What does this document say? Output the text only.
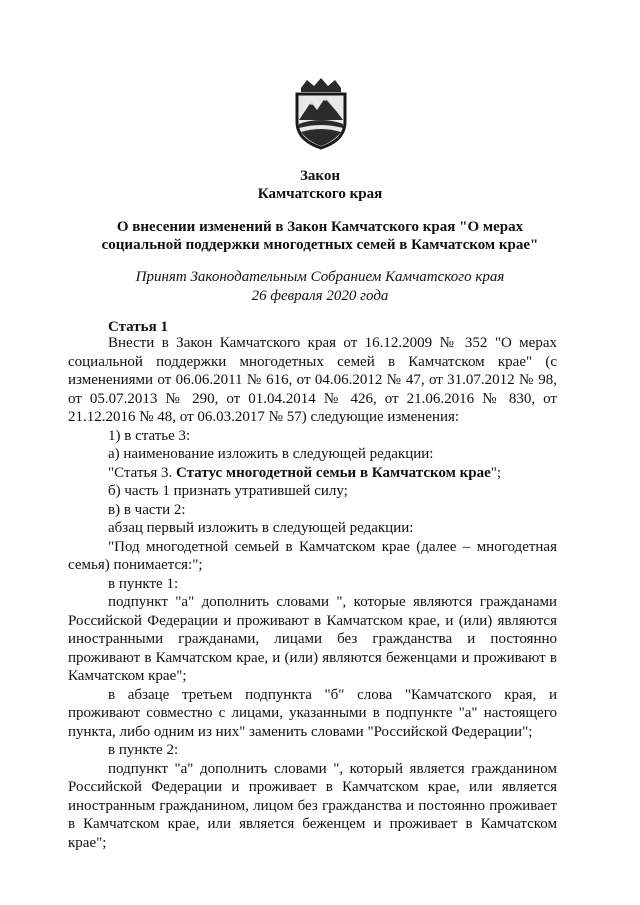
Закон
Камчатского края
О внесении изменений в Закон Камчатского края "О мерах
социальной поддержки многодетных семей в Камчатском крае"
Принят Законодательным Собранием Камчатского края
26 февраля 2020 года
Статья 1

Внести в Закон Камчатского края от 16.12.2009 № 352 "О мерах социальной поддержки многодетных семей в Камчатском крае" (с изменениями от 06.06.2011 № 616, от 04.06.2012 № 47, от 31.07.2012 № 98, от 05.07.2013 № 290, от 01.04.2014 № 426, от 21.06.2016 № 830, от 21.12.2016 № 48, от 06.03.2017 № 57) следующие изменения:

1) в статье 3:

а) наименование изложить в следующей редакции:

"Статья 3. Статус многодетной семьи в Камчатском крае";

б) часть 1 признать утратившей силу;

в) в части 2:

абзац первый изложить в следующей редакции:

"Под многодетной семьей в Камчатском крае (далее – многодетная семья) понимается:";

в пункте 1:

подпункт "а" дополнить словами ", которые являются гражданами Российской Федерации и проживают в Камчатском крае, и (или) являются иностранными гражданами, лицами без гражданства и постоянно проживают в Камчатском крае, и (или) являются беженцами и проживают в Камчатском крае";

в абзаце третьем подпункта "б" слова "Камчатского края, и проживают совместно с лицами, указанными в подпункте "а" настоящего пункта, либо одним из них" заменить словами "Российской Федерации";

в пункте 2:

подпункт "а" дополнить словами ", который является гражданином Российской Федерации и проживает в Камчатском крае, или является иностранным гражданином, лицом без гражданства и постоянно проживает в Камчатском крае, или является беженцем и проживает в Камчатском крае";
